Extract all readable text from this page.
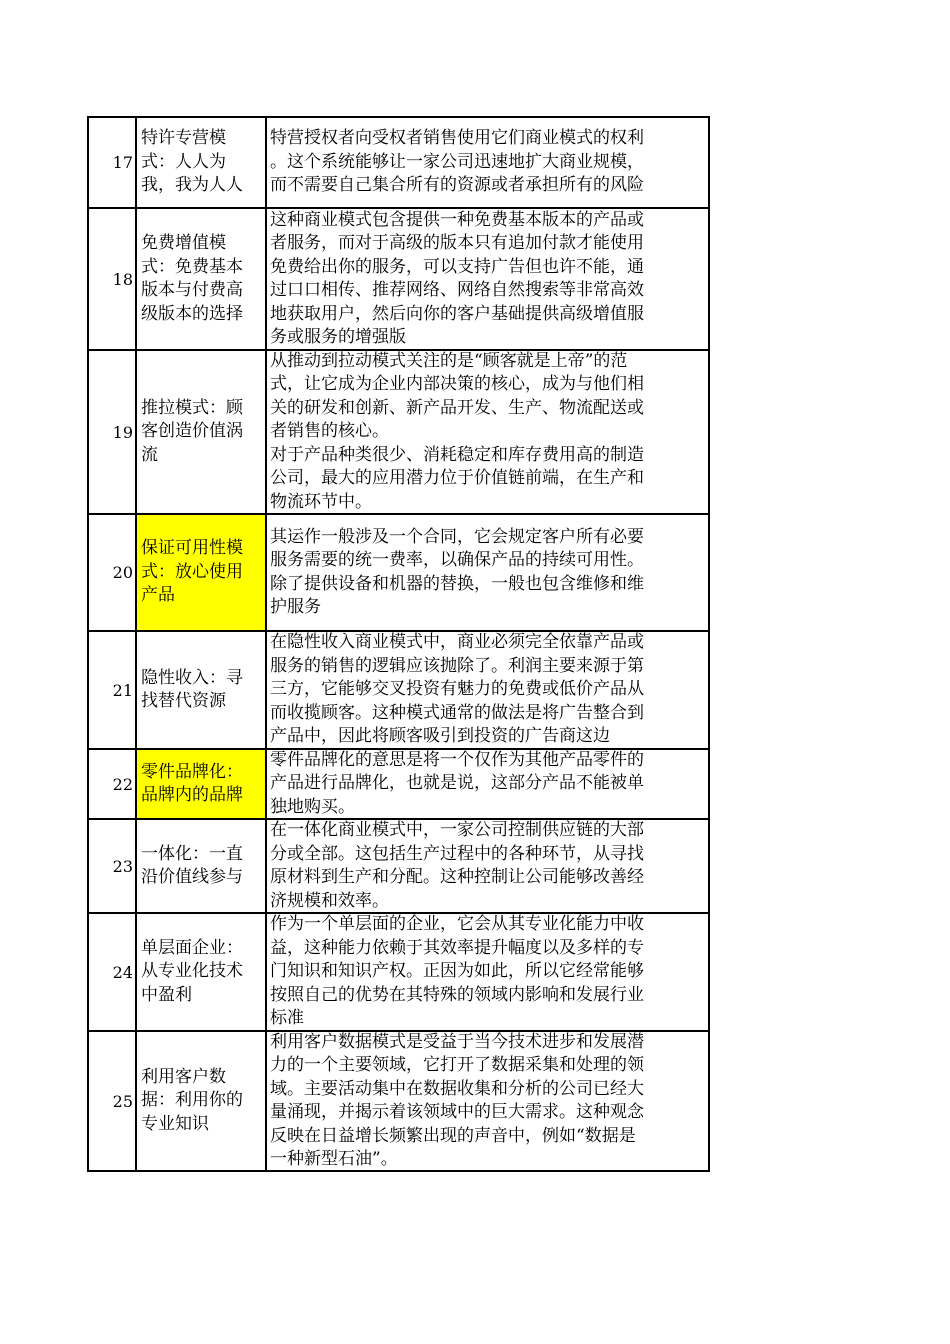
17
特许专营模
式：人人为
我，我为人人
特营授权者向受权者销售使用它们商业模式的权利
。这个系统能够让一家公司迅速地扩大商业规模，
而不需要自己集合所有的资源或者承担所有的风险
18
免费增值模
式：免费基本
版本与付费高
级版本的选择
这种商业模式包含提供一种免费基本版本的产品或
者服务，而对于高级的版本只有追加付款才能使用
免费给出你的服务，可以支持广告但也许不能，通
过口口相传、推荐网络、网络自然搜索等非常高效
地获取用户，然后向你的客户基础提供高级增值服
务或服务的增强版
19
推拉模式：顾
客创造价值涡
流
从推动到拉动模式关注的是“顾客就是上帝”的范
式，让它成为企业内部决策的核心，成为与他们相
关的研发和创新、新产品开发、生产、物流配送或
者销售的核心。
对于产品种类很少、消耗稳定和库存费用高的制造
公司，最大的应用潜力位于价值链前端，在生产和
物流环节中。
20
保证可用性模
式：放心使用
产品
其运作一般涉及一个合同，它会规定客户所有必要
服务需要的统一费率，以确保产品的持续可用性。
除了提供设备和机器的替换，一般也包含维修和维
护服务
21
隐性收入：寻
找替代资源
在隐性收入商业模式中，商业必须完全依靠产品或
服务的销售的逻辑应该抛除了。利润主要来源于第
三方，它能够交叉投资有魅力的免费或低价产品从
而收揽顾客。这种模式通常的做法是将广告整合到
产品中，因此将顾客吸引到投资的广告商这边
22
零件品牌化：
品牌内的品牌
零件品牌化的意思是将一个仅作为其他产品零件的
产品进行品牌化，也就是说，这部分产品不能被单
独地购买。
23
一体化：一直
沿价值线参与
在一体化商业模式中，一家公司控制供应链的大部
分或全部。这包括生产过程中的各种环节，从寻找
原材料到生产和分配。这种控制让公司能够改善经
济规模和效率。
24
单层面企业：
从专业化技术
中盈利
作为一个单层面的企业，它会从其专业化能力中收
益，这种能力依赖于其效率提升幅度以及多样的专
门知识和知识产权。正因为如此，所以它经常能够
按照自己的优势在其特殊的领域内影响和发展行业
标准
25
利用客户数
据：利用你的
专业知识
利用客户数据模式是受益于当今技术进步和发展潜
力的一个主要领域，它打开了数据采集和处理的领
域。主要活动集中在数据收集和分析的公司已经大
量涌现，并揭示着该领域中的巨大需求。这种观念
反映在日益增长频繁出现的声音中，例如“数据是
一种新型石油”。
